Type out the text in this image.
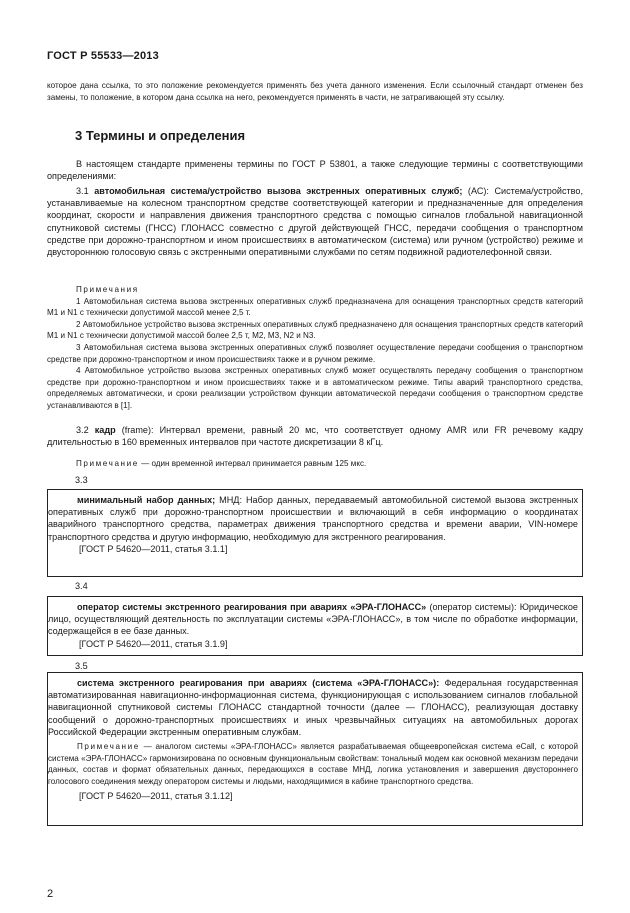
ГОСТ Р 55533—2013
которое дана ссылка, то это положение рекомендуется применять без учета данного изменения. Если ссылочный стандарт отменен без замены, то положение, в котором дана ссылка на него, рекомендуется применять в части, не затрагивающей эту ссылку.
3 Термины и определения
В настоящем стандарте применены термины по ГОСТ Р 53801, а также следующие термины с соответствующими определениями:
3.1 автомобильная система/устройство вызова экстренных оперативных служб; (АС): Система/устройство, устанавливаемые на колесном транспортном средстве соответствующей категории и предназначенные для определения координат, скорости и направления движения транспортного средства с помощью сигналов глобальной навигационной спутниковой системы (ГНСС) ГЛОНАСС совместно с другой действующей ГНСС, передачи сообщения о транспортном средстве при дорожно-транспортном и ином происшествиях в автоматическом (система) или ручном (устройство) режиме и двустороннюю голосовую связь с экстренными оперативными службами по сетям подвижной радиотелефонной связи.

Примечания

1 Автомобильная система вызова экстренных оперативных служб предназначена для оснащения транспортных средств категорий М1 и N1 с технически допустимой массой менее 2,5 т.

2 Автомобильное устройство вызова экстренных оперативных служб предназначено для оснащения транспортных средств категорий М1 и N1 с технически допустимой массой более 2,5 т, М2, М3, N2 и N3.

3 Автомобильная система вызова экстренных оперативных служб позволяет осуществление передачи сообщения о транспортном средстве при дорожно-транспортном и ином происшествиях также и в ручном режиме.

4 Автомобильное устройство вызова экстренных оперативных служб может осуществлять передачу сообщения о транспортном средстве при дорожно-транспортном и ином происшествиях также и в автоматическом режиме. Типы аварий транспортного средства, определяемых автоматически, и сроки реализации устройством функции автоматической передачи сообщения о транспортном средстве устанавливаются в [1].

3.2 кадр (frame): Интервал времени, равный 20 мс, что соответствует одному AMR или FR речевому кадру длительностью в 160 временных интервалов при частоте дискретизации 8 кГц.
Примечание — один временной интервал принимается равным 125 мкс.
3.3

минимальный набор данных; МНД: Набор данных, передаваемый автомобильной системой вызова экстренных оперативных служб при дорожно-транспортном происшествии и включающий в себя информацию о координатах аварийного транспортного средства, параметрах движения транспортного средства и времени аварии, VIN-номере транспортного средства и другую информацию, необходимую для экстренного реагирования.

[ГОСТ Р 54620—2011, статья 3.1.1]

3.4

оператор системы экстренного реагирования при авариях «ЭРА-ГЛОНАСС» (оператор системы): Юридическое лицо, осуществляющий деятельность по эксплуатации системы «ЭРА-ГЛОНАСС», в том числе по обработке информации, содержащейся в ее базе данных.

[ГОСТ Р 54620—2011, статья 3.1.9]

3.5

система экстренного реагирования при авариях (система «ЭРА-ГЛОНАСС»): Федеральная государственная автоматизированная навигационно-информационная система, функционирующая с использованием сигналов глобальной навигационной спутниковой системы ГЛОНАСС стандартной точности (далее — ГЛОНАСС), реализующая доставку сообщений о дорожно-транспортных происшествиях и иных чрезвычайных ситуациях на автомобильных дорогах Российской Федерации экстренным оперативным службам.

Примечание — аналогом системы «ЭРА-ГЛОНАСС» является разрабатываемая общеевропейская система eCall, с которой система «ЭРА-ГЛОНАСС» гармонизирована по основным функциональным свойствам: тональный модем как основной механизм передачи данных, состав и формат обязательных данных, передающихся в составе МНД, логика установления и завершения двустороннего голосового соединения между оператором системы и людьми, находящимися в кабине транспортного средства.

[ГОСТ Р 54620—2011, статья 3.1.12]

2
